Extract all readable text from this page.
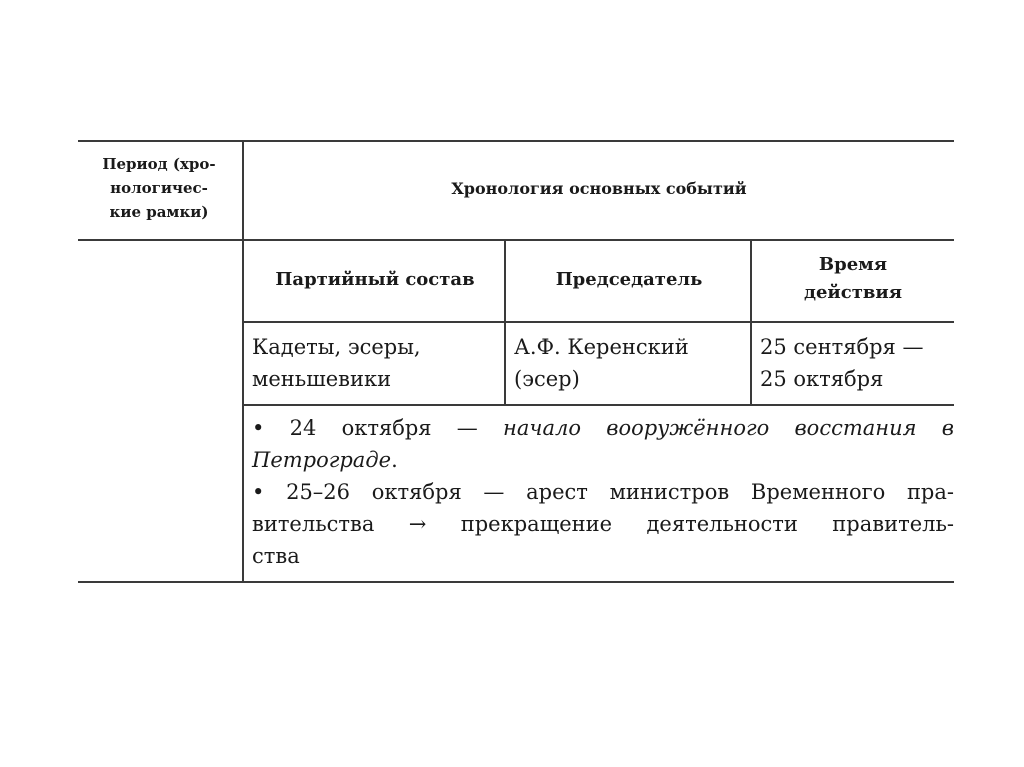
Период (хро-
нологичес-
кие рамки)
Хронология основных событий
Партийный состав	Председатель
Время
действия
Кадеты, эсеры,
меньшевики
А.Ф. Керенский
(эсер)
25 сентября —
25 октября
• 24 октября — начало вооружённого восстания в
Петрограде.
• 25–26 октября — арест министров Временного пра-
вительства → прекращение деятельности правитель-
ства
